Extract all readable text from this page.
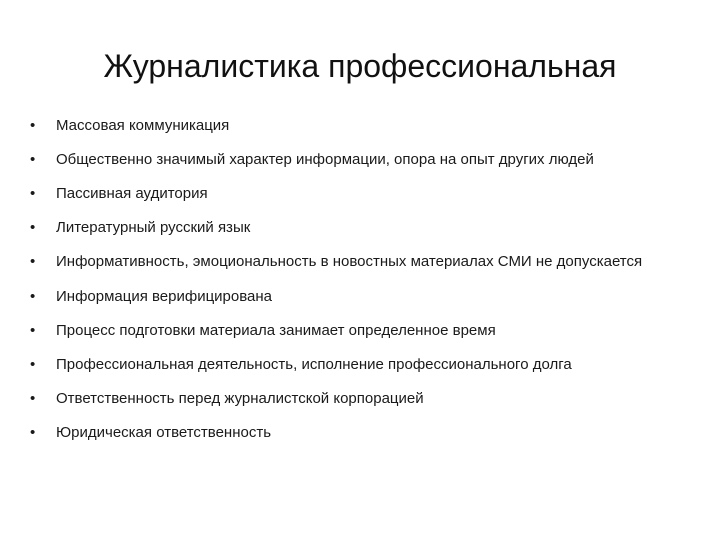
Журналистика профессиональная
•	Массовая коммуникация
•	Общественно значимый характер информации, опора на опыт других людей
•	Пассивная аудитория
•	Литературный русский язык
•	Информативность, эмоциональность в новостных материалах СМИ не допускается
•	Информация верифицирована
•	Процесс подготовки материала занимает определенное время
•	Профессиональная деятельность, исполнение профессионального долга
•	Ответственность перед журналистской корпорацией
•	Юридическая ответственность
